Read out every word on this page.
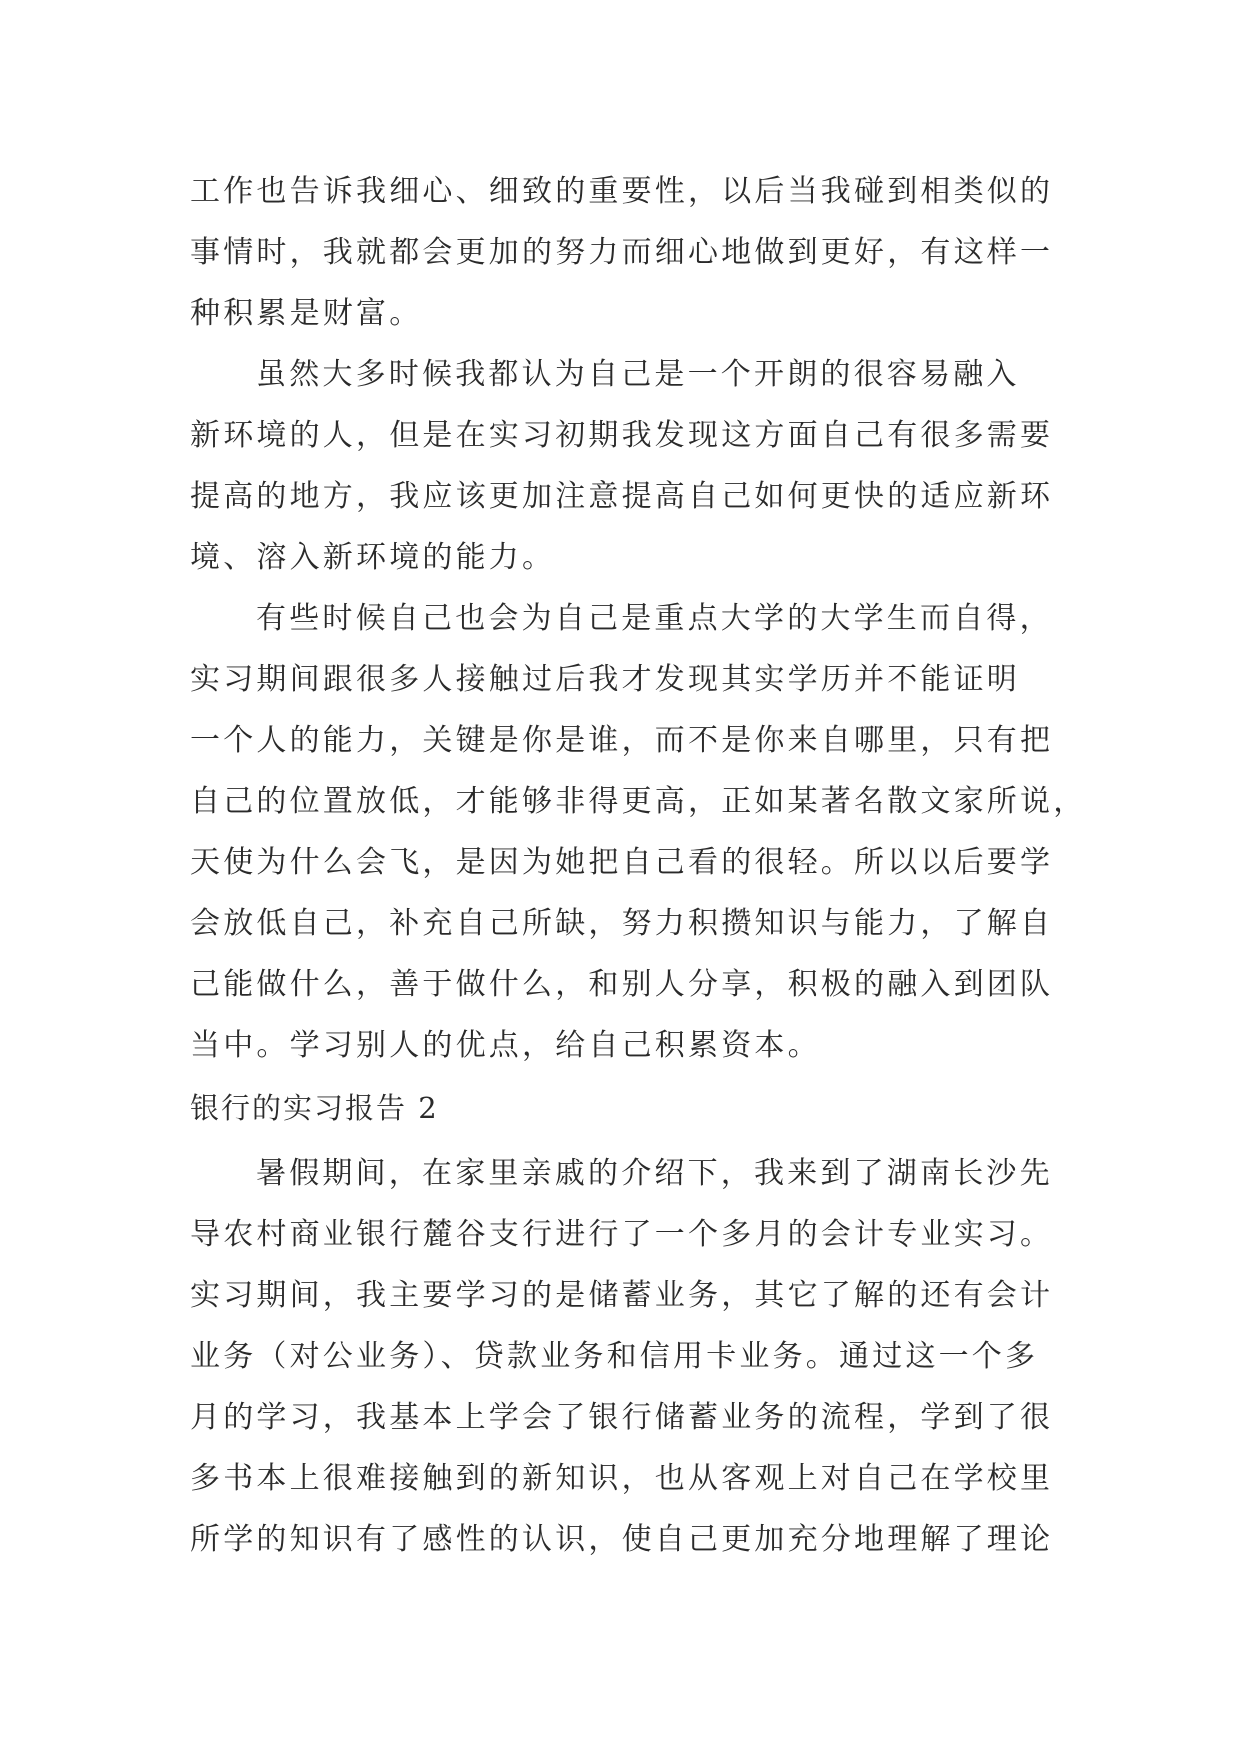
工作也告诉我细心、细致的重要性，以后当我碰到相类似的
事情时，我就都会更加的努力而细心地做到更好，有这样一
种积累是财富。
虽然大多时候我都认为自己是一个开朗的很容易融入
新环境的人，但是在实习初期我发现这方面自己有很多需要
提高的地方，我应该更加注意提高自己如何更快的适应新环
境、溶入新环境的能力。
有些时候自己也会为自己是重点大学的大学生而自得，
实习期间跟很多人接触过后我才发现其实学历并不能证明
一个人的能力，关键是你是谁，而不是你来自哪里，只有把
自己的位置放低，才能够非得更高，正如某著名散文家所说，
天使为什么会飞，是因为她把自己看的很轻。所以以后要学
会放低自己，补充自己所缺，努力积攒知识与能力，了解自
己能做什么，善于做什么，和别人分享，积极的融入到团队
当中。学习别人的优点，给自己积累资本。
银行的实习报告 2
暑假期间，在家里亲戚的介绍下，我来到了湖南长沙先
导农村商业银行麓谷支行进行了一个多月的会计专业实习。
实习期间，我主要学习的是储蓄业务，其它了解的还有会计
业务（对公业务）、贷款业务和信用卡业务。通过这一个多
月的学习，我基本上学会了银行储蓄业务的流程，学到了很
多书本上很难接触到的新知识，也从客观上对自己在学校里
所学的知识有了感性的认识，使自己更加充分地理解了理论
